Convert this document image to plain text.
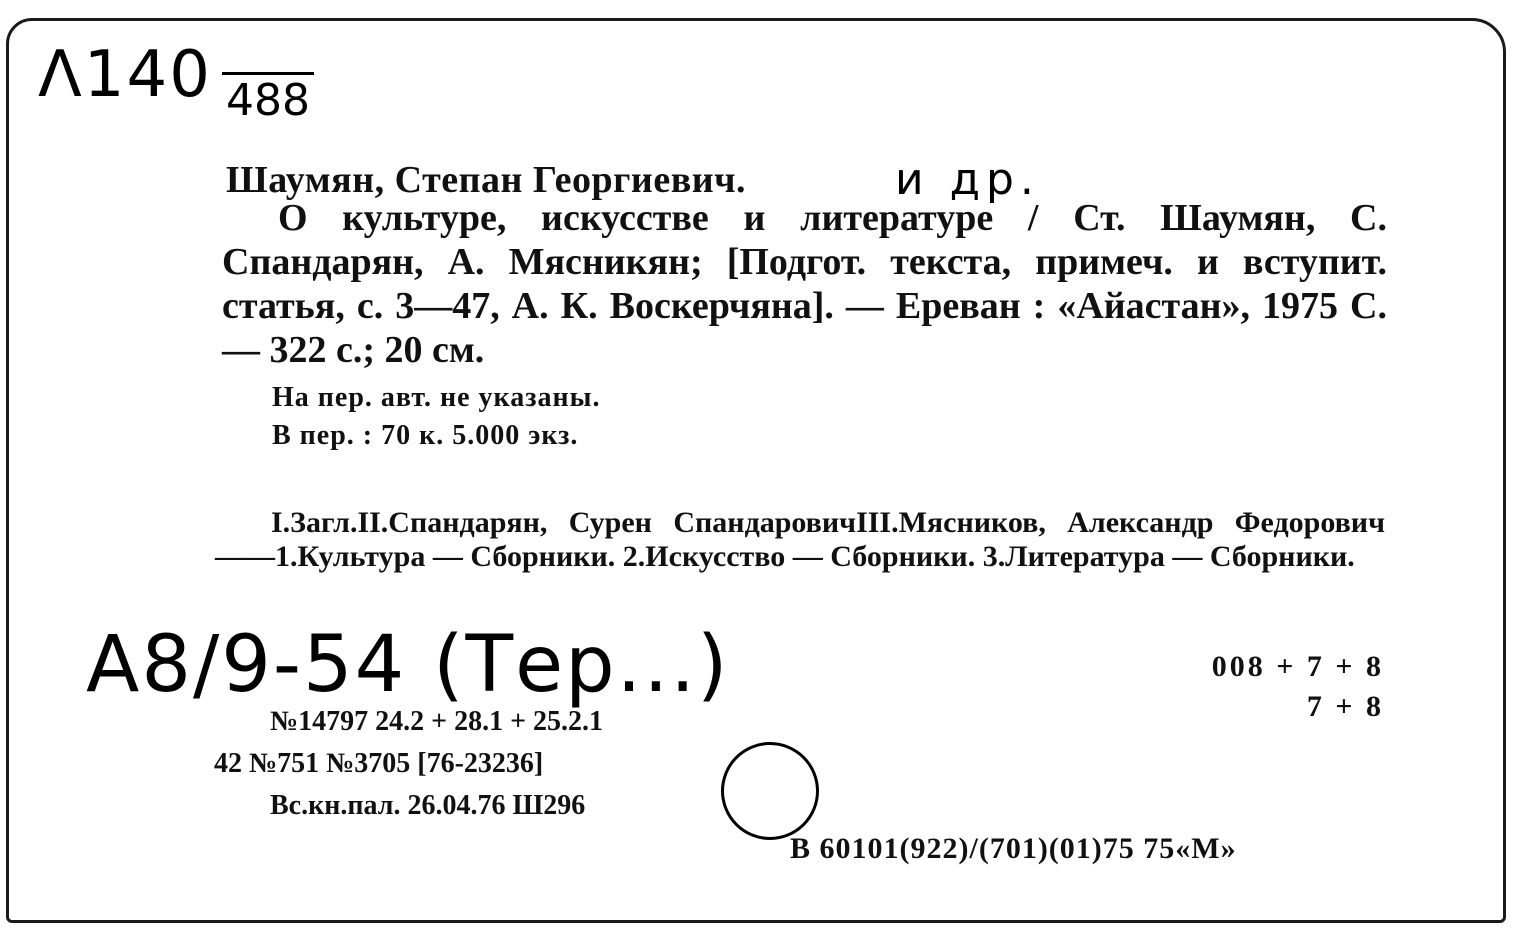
Λ140 488
и др.
А8/9-54 (Тер...)
Шаумян, Степан Георгиевич.
О культуре, искусстве и литературе / Ст. Шаумян, С. Спандарян, А. Мясникян; [Подгот. текста, примеч. и вступит. статья, с. 3—47, А. К. Воскерчяна]. — Ереван : «Айастан», 1975 С. — 322 с.; 20 см.
На пер. авт. не указаны.
В пер. : 70 к. 5.000 экз.
I.Загл.II.Спандарян, Сурен СпандаровичIII.Мясников, Александр Федорович ——1.Культура — Сборники. 2.Искусство — Сборники. 3.Литература — Сборники.
008 + 7 + 8
7 + 8
№14797 24.2 + 28.1 + 25.2.1
42 №751 №3705 [76-23236]
Вс.кн.пал. 26.04.76 Ш296
В 60101(922)/(701)(01)75 75«М»
